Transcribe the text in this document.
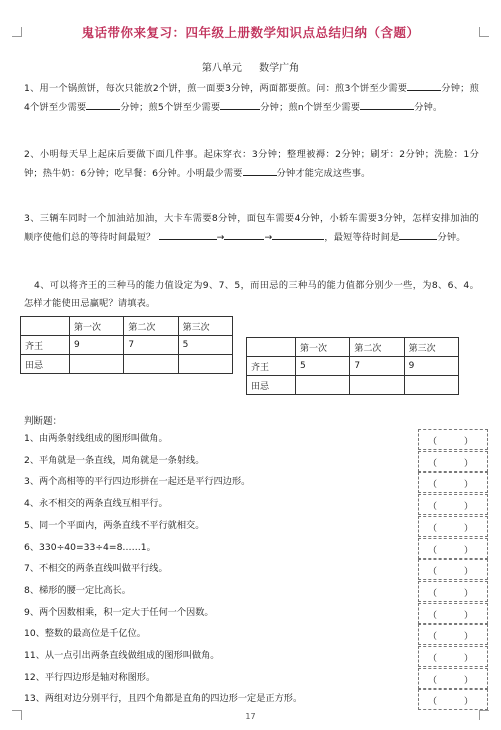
鬼话带你来复习：四年级上册数学知识点总结归纳（含题）
第八单元 数学广角
1、用一个锅煎饼，每次只能放2个饼，煎一面要3分钟，两面都要煎。问：煎3个饼至少需要	分钟；煎4个饼至少需要	分钟；煎5个饼至少需要	分钟；煎n个饼至少需要	分钟。
2、小明每天早上起床后要做下面几件事。起床穿衣：3分钟；整理被褥：2分钟；刷牙：2分钟；洗脸：1分钟；热牛奶：6分钟；吃早餐：6分钟。小明最少需要	分钟才能完成这些事。
3、三辆车同时一个加油站加油，大卡车需要8分钟，面包车需要4分钟，小轿车需要3分钟，怎样安排加油的顺序使他们总的等待时间最短？	→	→	，最短等待时间是	分钟。
4、可以将齐王的三种马的能力值设定为9、7、5，而田忌的三种马的能力值都分别少一些，为8、6、4。怎样才能使田忌赢呢？请填表。
	第一次	第二次	第三次
齐王	9	7	5
田忌			
	第一次	第二次	第三次
齐王	5	7	9
田忌			
判断题：
1、由两条射线组成的图形叫做角。	（	）
2、平角就是一条直线，周角就是一条射线。	（	）
3、两个高相等的平行四边形拼在一起还是平行四边形。	（	）
4、永不相交的两条直线互相平行。	（	）
5、同一个平面内，两条直线不平行就相交。	（	）
6、330÷40=33÷4=8……1。	（	）
7、不相交的两条直线叫做平行线。	（	）
8、梯形的腰一定比高长。	（	）
9、两个因数相乘，积一定大于任何一个因数。	（	）
10、整数的最高位是千亿位。	（	）
11、从一点引出两条直线做组成的图形叫做角。	（	）
12、平行四边形是轴对称图形。	（	）
13、两组对边分别平行，且四个角都是直角的四边形一定是正方形。	（	）
17
